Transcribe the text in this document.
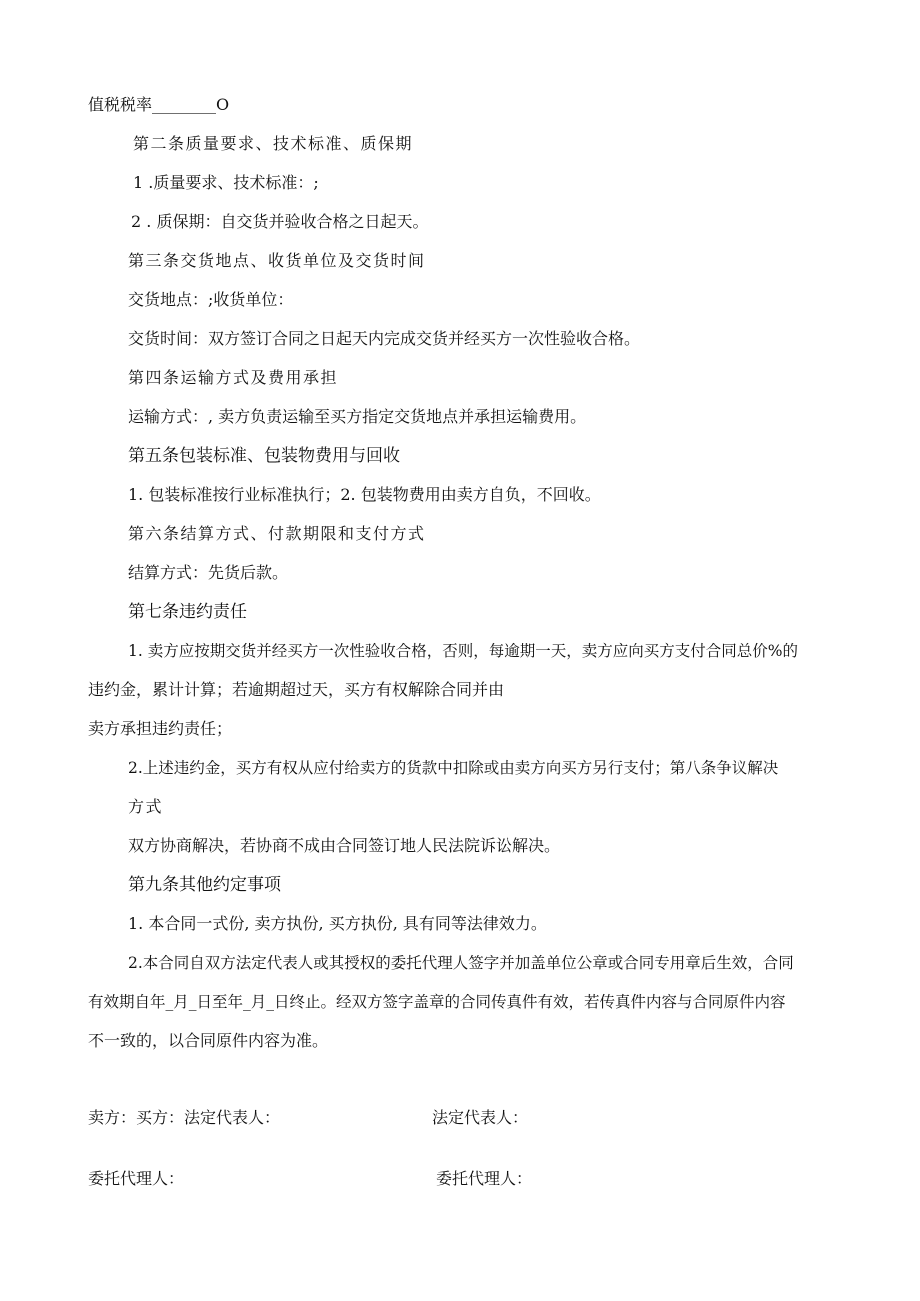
值税税率________O
第二条质量要求、技术标准、质保期
1 .质量要求、技术标准：;
2 . 质保期：自交货并验收合格之日起天。
第三条交货地点、收货单位及交货时间
交货地点：;收货单位：
交货时间：双方签订合同之日起天内完成交货并经买方一次性验收合格。
第四条运输方式及费用承担
运输方式：, 卖方负责运输至买方指定交货地点并承担运输费用。
第五条包装标准、包装物费用与回收
1. 包装标准按行业标准执行；2. 包装物费用由卖方自负，不回收。
第六条结算方式、付款期限和支付方式
结算方式：先货后款。
第七条违约责任
1. 卖方应按期交货并经买方一次性验收合格，否则，每逾期一天，卖方应向买方支付合同总价%的
违约金，累计计算；若逾期超过天，买方有权解除合同并由
卖方承担违约责任；
2.上述违约金，买方有权从应付给卖方的货款中扣除或由卖方向买方另行支付；第八条争议解决
方式
双方协商解决，若协商不成由合同签订地人民法院诉讼解决。
第九条其他约定事项
1. 本合同一式份, 卖方执份, 买方执份, 具有同等法律效力。
2.本合同自双方法定代表人或其授权的委托代理人签字并加盖单位公章或合同专用章后生效，合同
有效期自年_月_日至年_月_日终止。经双方签字盖章的合同传真件有效，若传真件内容与合同原件内容
不一致的，以合同原件内容为准。
卖方：买方：法定代表人：	法定代表人：
委托代理人：	委托代理人：
